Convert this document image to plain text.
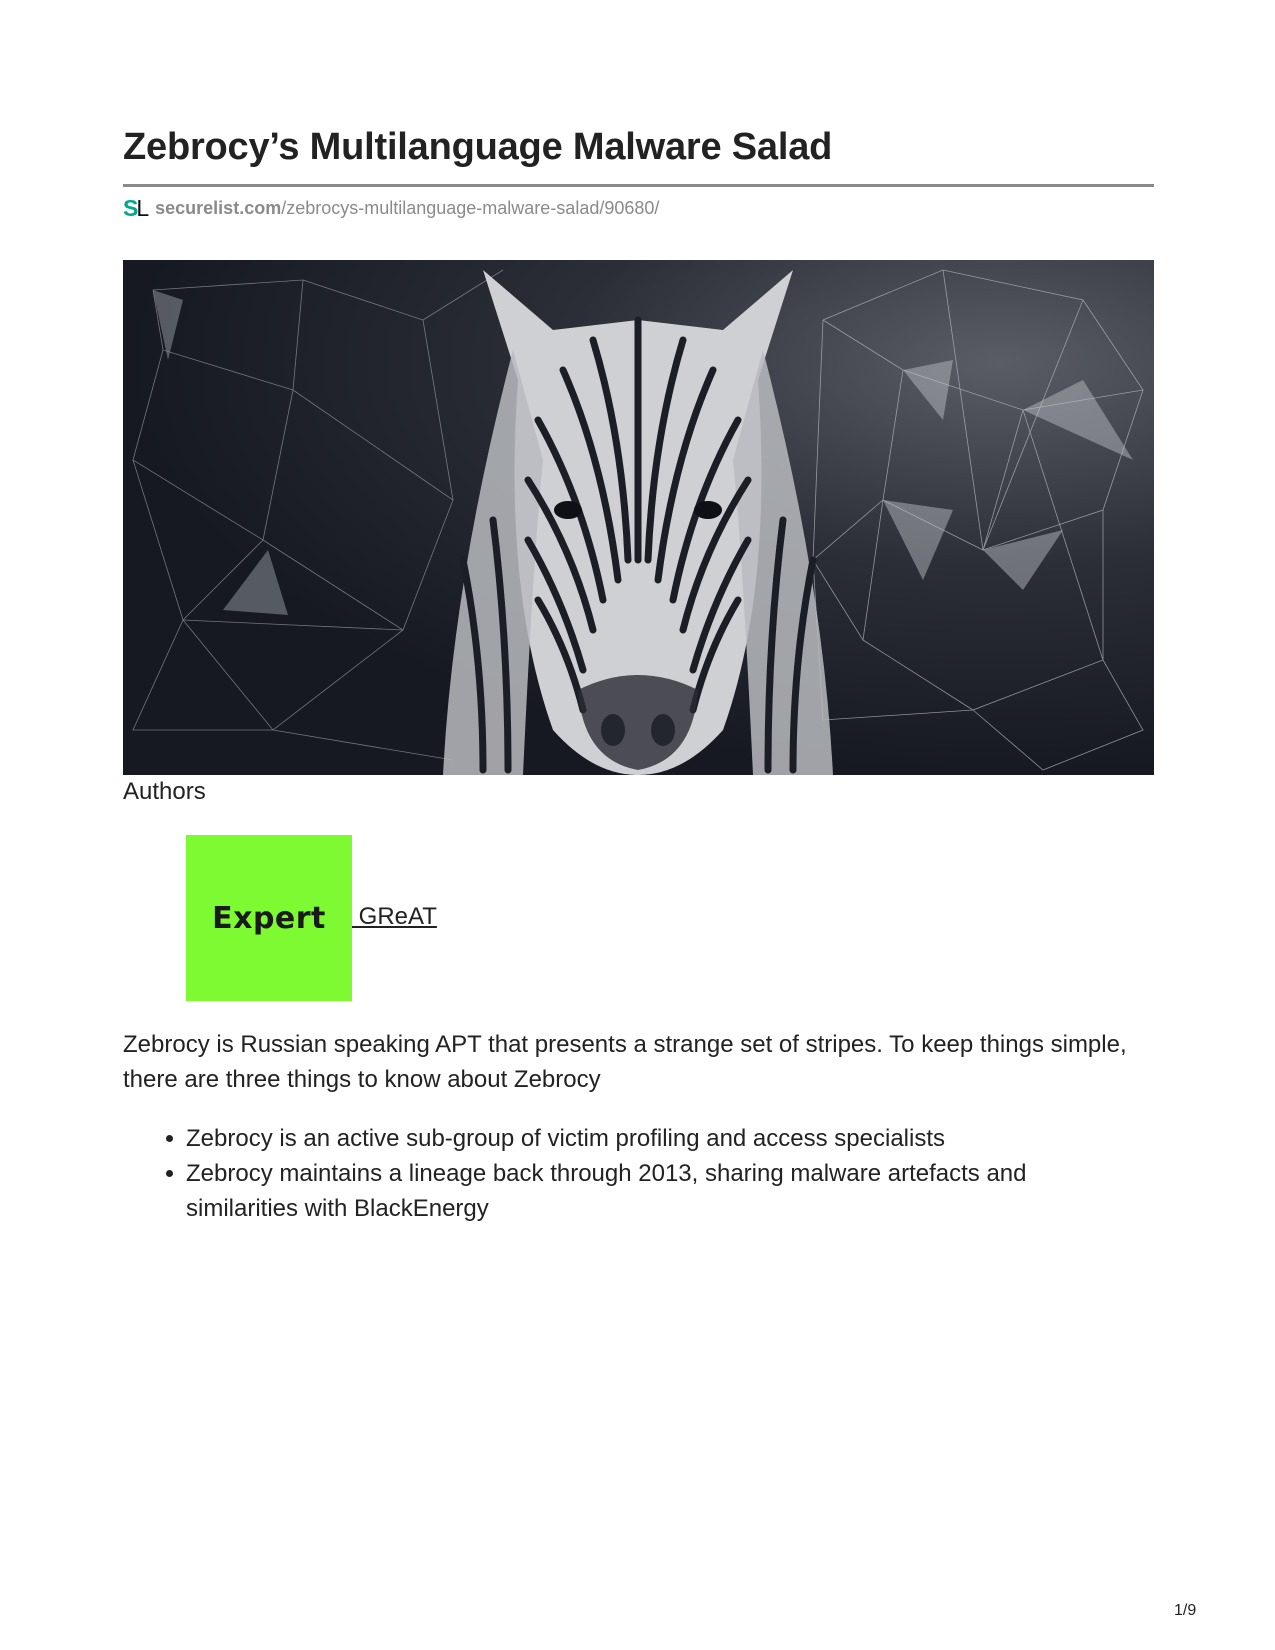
Zebrocy’s Multilanguage Malware Salad
SL securelist.com /zebrocys-multilanguage-malware-salad/90680/
Authors
Expert GReAT

Zebrocy is Russian speaking APT that presents a strange set of stripes. To keep things simple, there are three things to know about Zebrocy

Zebrocy is an active sub-group of victim profiling and access specialists
Zebrocy maintains a lineage back through 2013, sharing malware artefacts and similarities with BlackEnergy
1/9
